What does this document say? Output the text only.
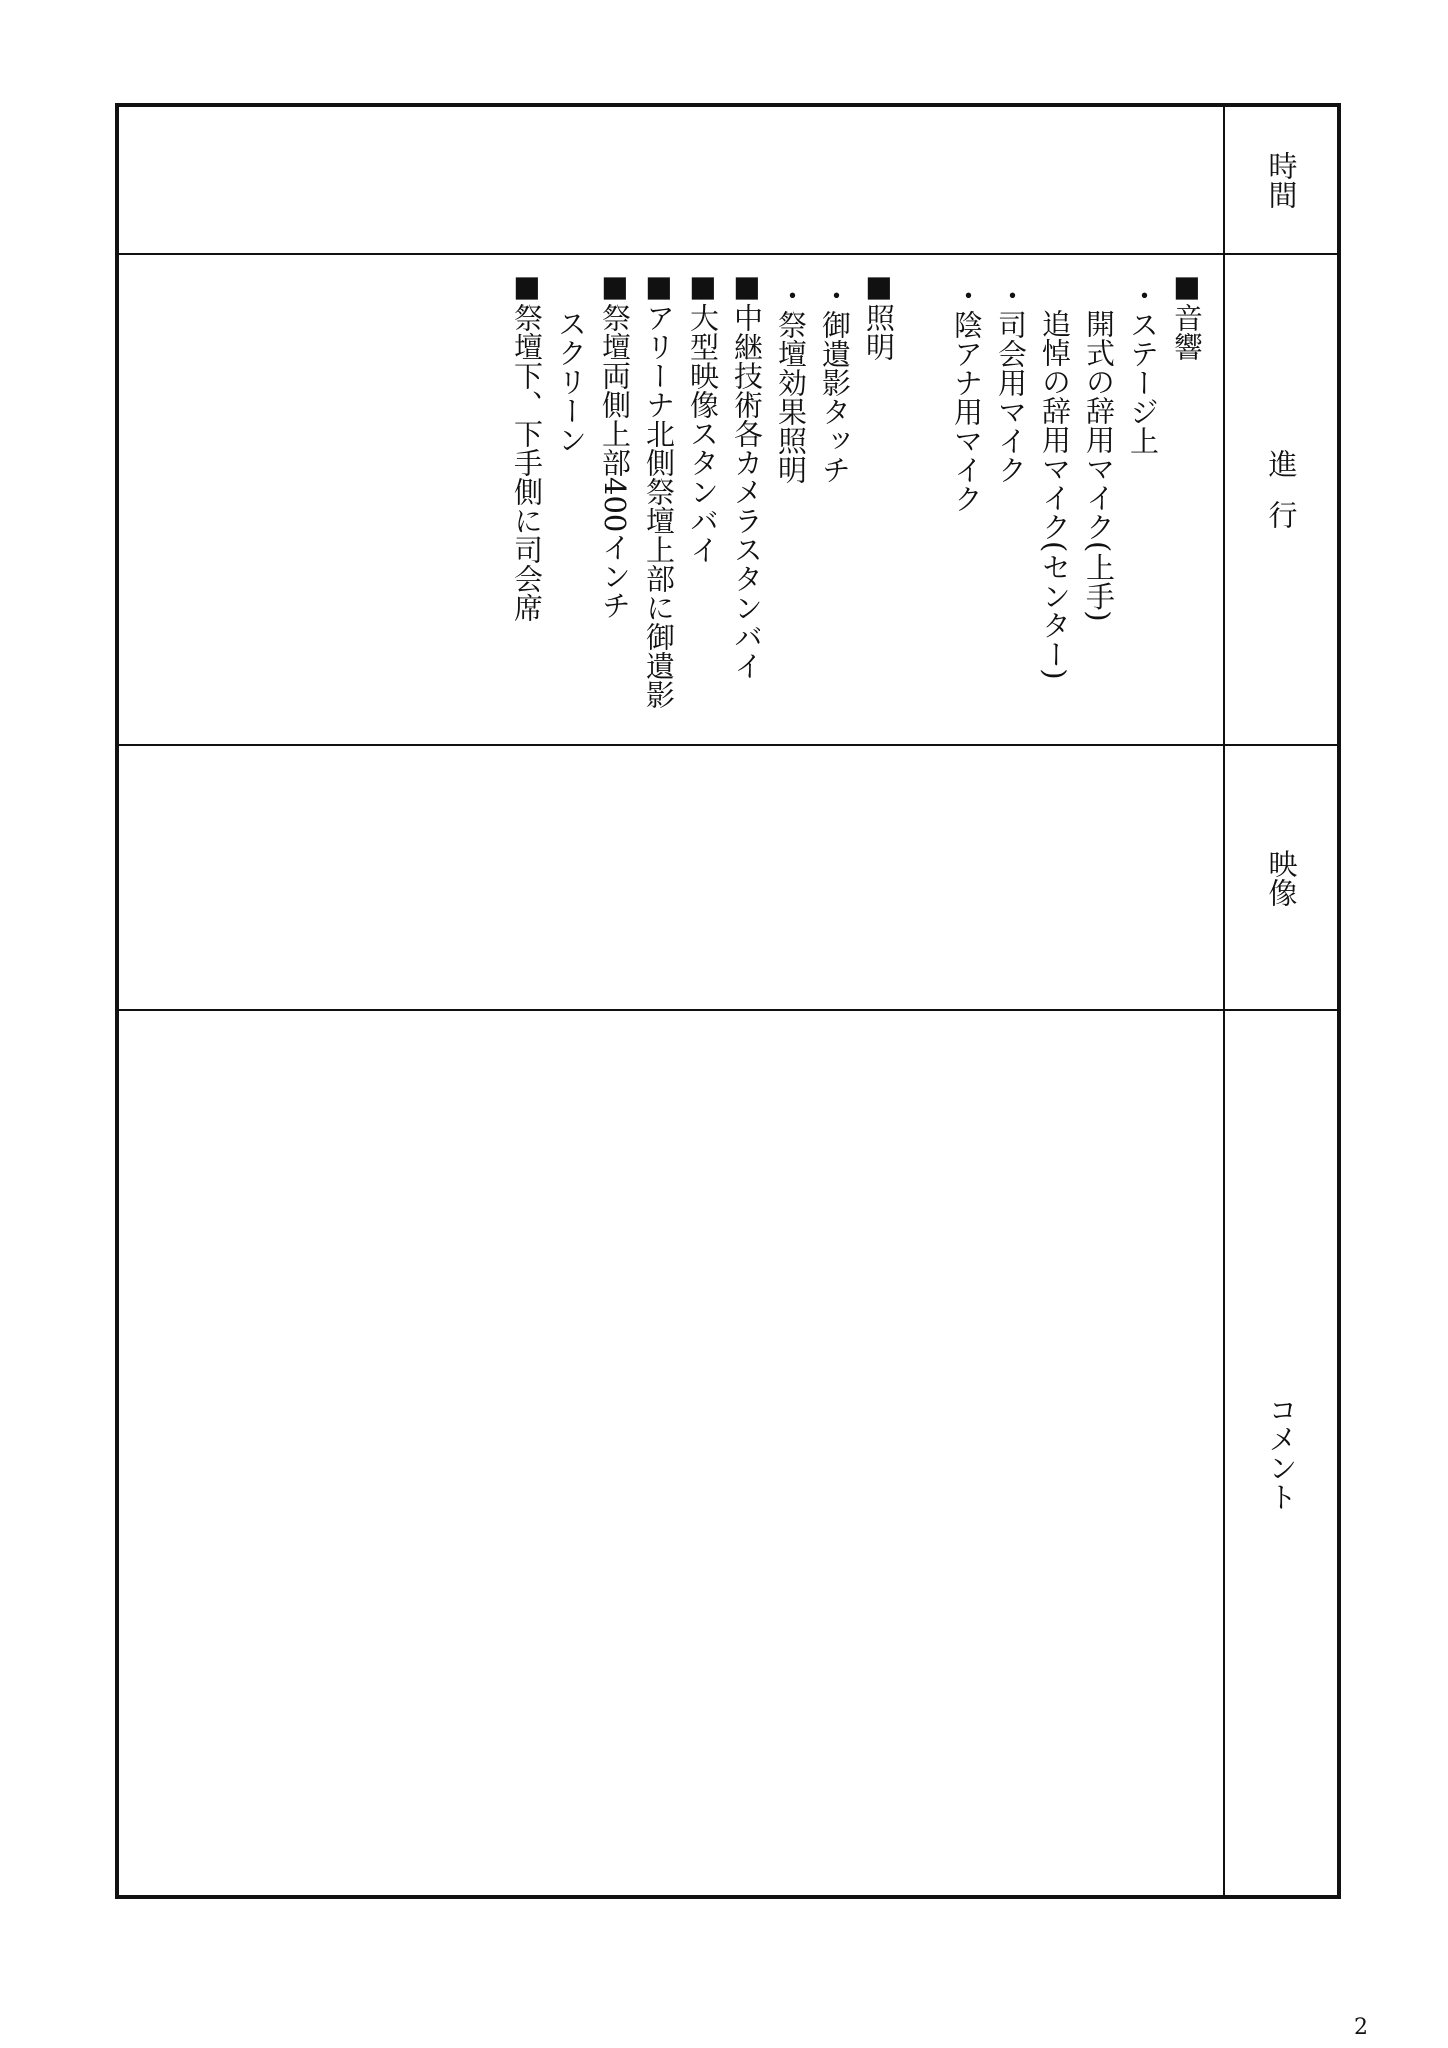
時間
■音響
・ステージ上
開式の辞用マイク(上手)
追悼の辞用マイク(センター)
・司会用マイク
・陰アナ用マイク
■照明
・御遺影タッチ
・祭壇効果照明
■中継技術各カメラスタンバイ
■大型映像スタンバイ
■アリーナ北側祭壇上部に御遺影
■祭壇両側上部400インチ
スクリーン
■祭壇下、下手側に司会席	進行
映像
コメント
2
